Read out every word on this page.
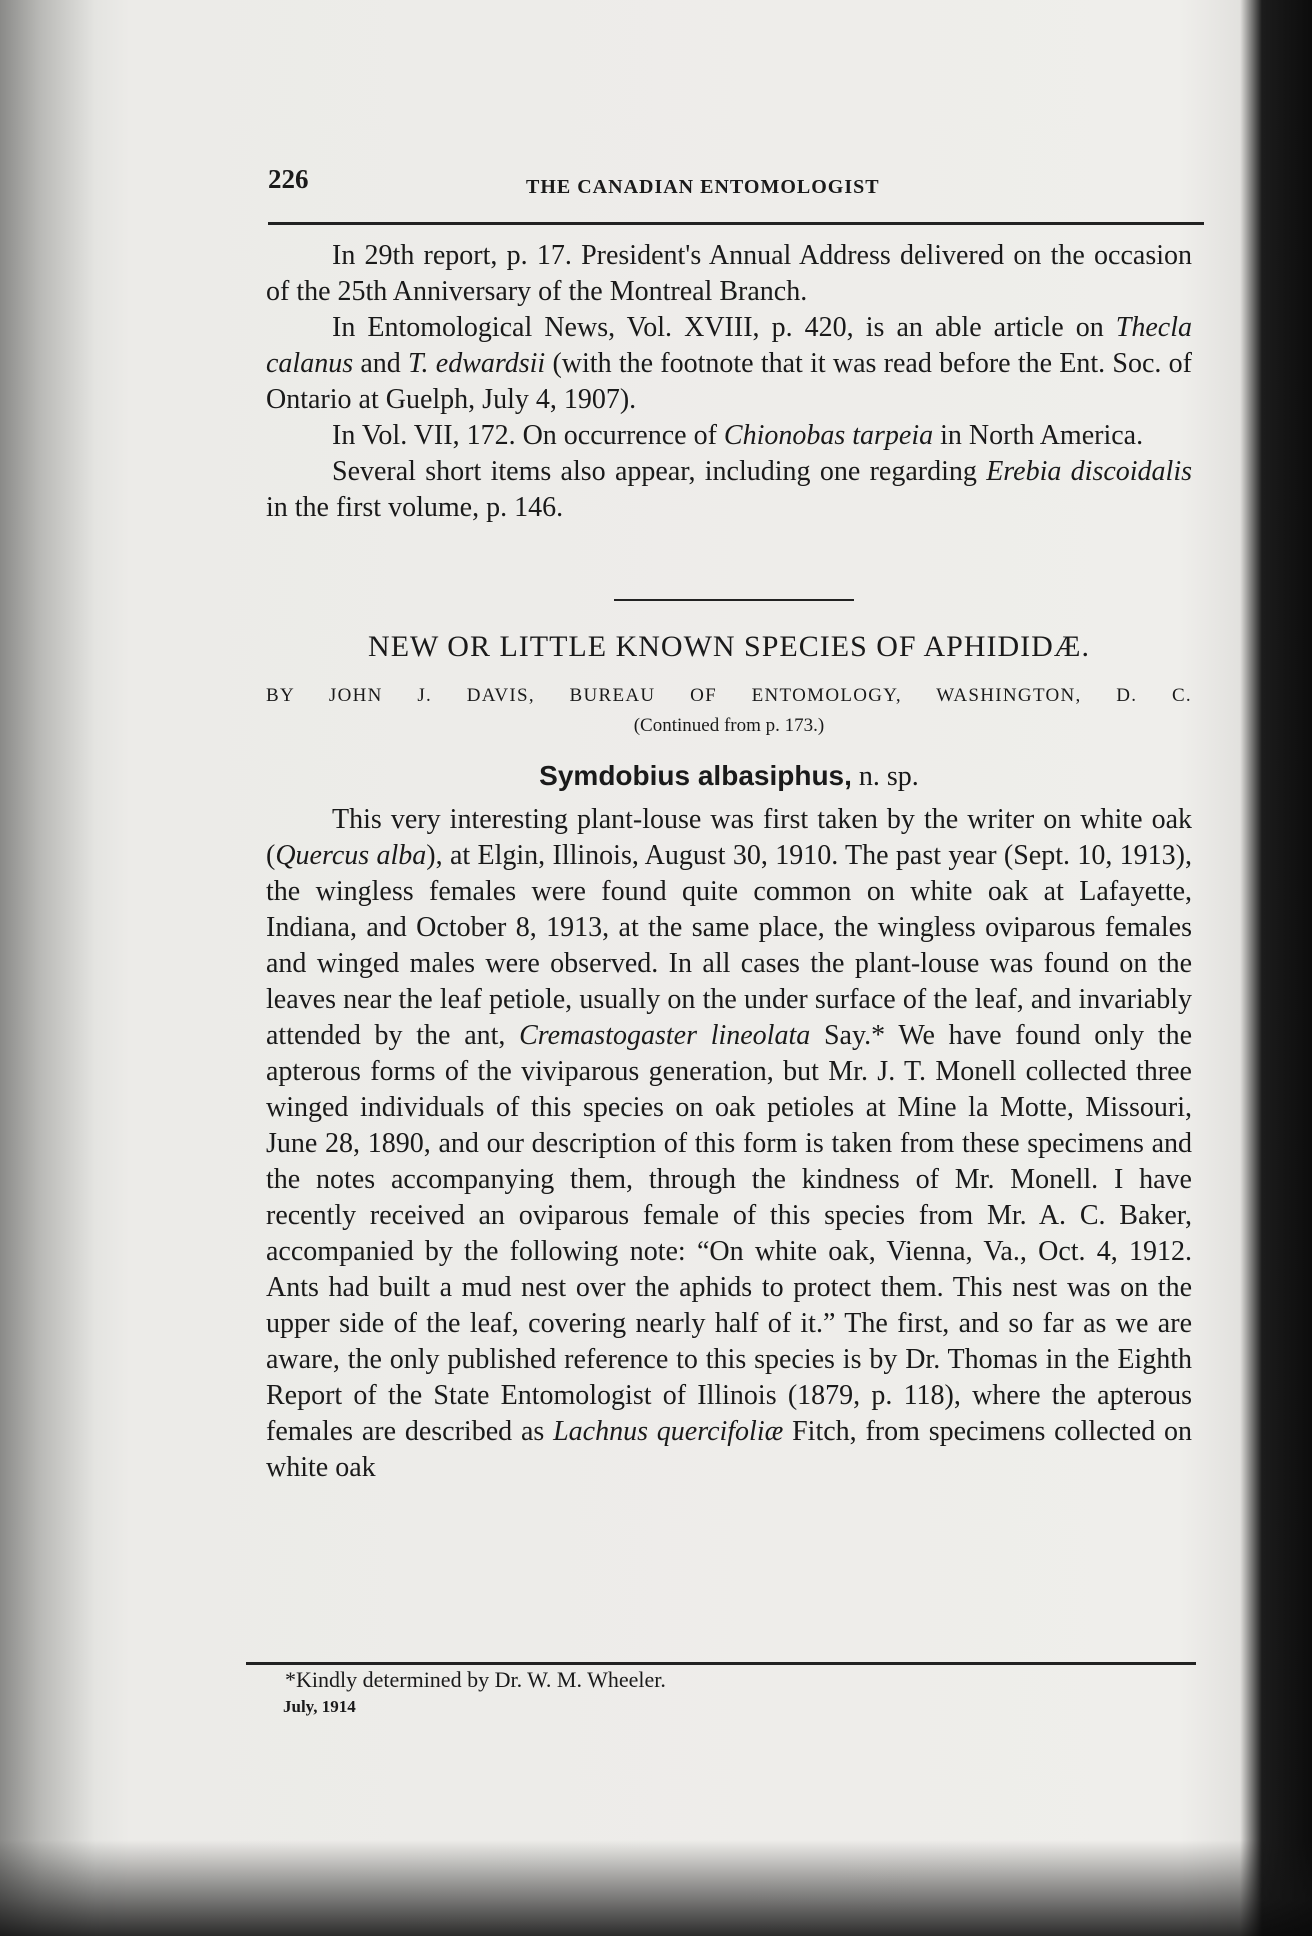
226	THE CANADIAN ENTOMOLOGIST

In 29th report, p. 17. President's Annual Address delivered on the occasion of the 25th Anniversary of the Montreal Branch.

In Entomological News, Vol. XVIII, p. 420, is an able article on Thecla calanus and T. edwardsii (with the footnote that it was read before the Ent. Soc. of Ontario at Guelph, July 4, 1907).

In Vol. VII, 172. On occurrence of Chionobas tarpeia in North America.

Several short items also appear, including one regarding Erebia discoidalis in the first volume, p. 146.

NEW OR LITTLE KNOWN SPECIES OF APHIDIDÆ.
BY JOHN J. DAVIS, BUREAU OF ENTOMOLOGY, WASHINGTON, D. C.
(Continued from p. 173.)
Symdobius albasiphus, n. sp.

This very interesting plant-louse was first taken by the writer on white oak (Quercus alba), at Elgin, Illinois, August 30, 1910. The past year (Sept. 10, 1913), the wingless females were found quite common on white oak at Lafayette, Indiana, and October 8, 1913, at the same place, the wingless oviparous females and winged males were observed. In all cases the plant-louse was found on the leaves near the leaf petiole, usually on the under surface of the leaf, and invariably attended by the ant, Cremastogaster lineolata Say.* We have found only the apterous forms of the viviparous generation, but Mr. J. T. Monell collected three winged individuals of this species on oak petioles at Mine la Motte, Missouri, June 28, 1890, and our description of this form is taken from these specimens and the notes accompanying them, through the kindness of Mr. Monell. I have recently received an oviparous female of this species from Mr. A. C. Baker, accompanied by the following note: “On white oak, Vienna, Va., Oct. 4, 1912. Ants had built a mud nest over the aphids to protect them. This nest was on the upper side of the leaf, covering nearly half of it.” The first, and so far as we are aware, the only published reference to this species is by Dr. Thomas in the Eighth Report of the State Entomologist of Illinois (1879, p. 118), where the apterous females are described as Lachnus quercifoliæ Fitch, from specimens collected on white oak

*Kindly determined by Dr. W. M. Wheeler.
July, 1914
